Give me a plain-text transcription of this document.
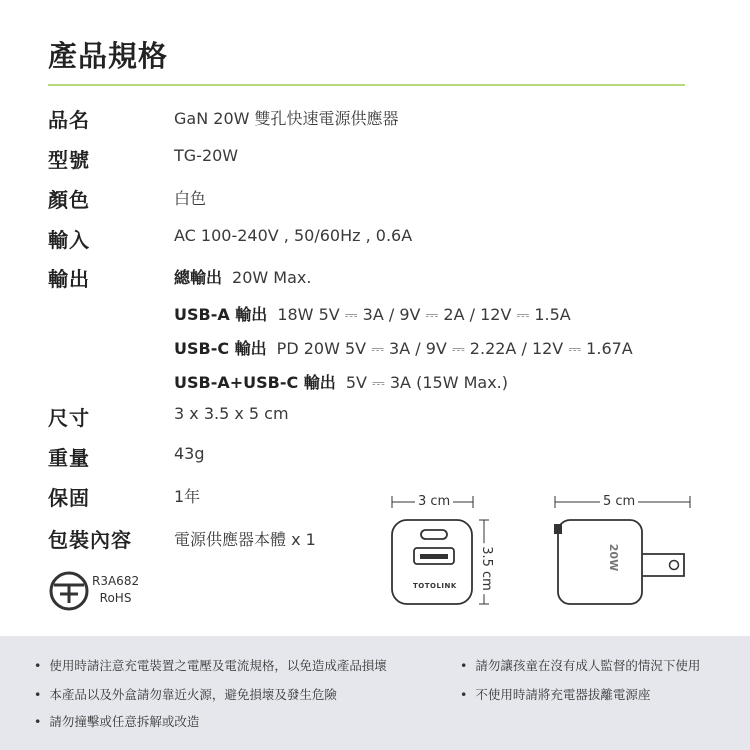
產品規格
品名	GaN 20W 雙孔快速電源供應器
型號	TG-20W
顏色	白色
輸入	AC 100-240V , 50/60Hz , 0.6A
輸出	總輸出 20W Max.
USB-A 輸出 18W 5V ⎓ 3A / 9V ⎓ 2A / 12V ⎓ 1.5A
USB-C 輸出 PD 20W 5V ⎓ 3A / 9V ⎓ 2.22A / 12V ⎓ 1.67A
USB-A+USB-C 輸出 5V ⎓ 3A (15W Max.)
尺寸	3 x 3.5 x 5 cm
重量	43g
保固	1年
包裝內容	電源供應器本體 x 1
R3A682
RoHS
3 cm
TOTOLINK 3.5 cm
5 cm
20W
• 使用時請注意充電裝置之電壓及電流規格，以免造成產品損壞	• 請勿讓孩童在沒有成人監督的情況下使用
• 本產品以及外盒請勿靠近火源，避免損壞及發生危險	• 不使用時請將充電器拔離電源座
• 請勿撞擊或任意拆解或改造
